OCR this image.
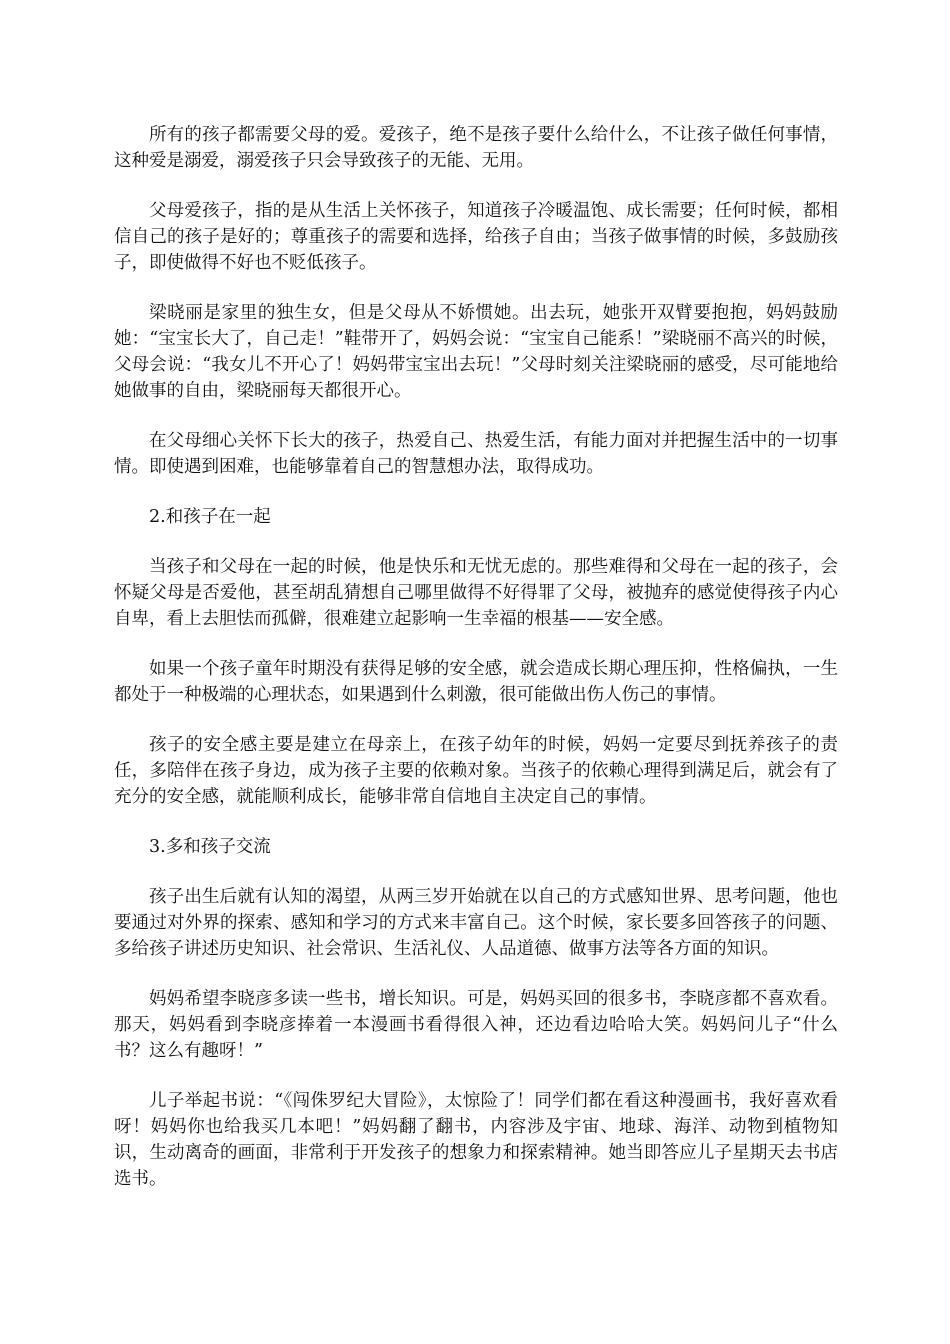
所有的孩子都需要父母的爱。爱孩子，绝不是孩子要什么给什么，不让孩子做任何事情，这种爱是溺爱，溺爱孩子只会导致孩子的无能、无用。

父母爱孩子，指的是从生活上关怀孩子，知道孩子冷暖温饱、成长需要；任何时候，都相信自己的孩子是好的；尊重孩子的需要和选择，给孩子自由；当孩子做事情的时候，多鼓励孩子，即使做得不好也不贬低孩子。

梁晓丽是家里的独生女，但是父母从不娇惯她。出去玩，她张开双臂要抱抱，妈妈鼓励她：“宝宝长大了，自己走！”鞋带开了，妈妈会说：“宝宝自己能系！”梁晓丽不高兴的时候，父母会说：“我女儿不开心了！妈妈带宝宝出去玩！”父母时刻关注梁晓丽的感受，尽可能地给她做事的自由，梁晓丽每天都很开心。

在父母细心关怀下长大的孩子，热爱自己、热爱生活，有能力面对并把握生活中的一切事情。即使遇到困难，也能够靠着自己的智慧想办法，取得成功。

2.和孩子在一起

当孩子和父母在一起的时候，他是快乐和无忧无虑的。那些难得和父母在一起的孩子，会怀疑父母是否爱他，甚至胡乱猜想自己哪里做得不好得罪了父母，被抛弃的感觉使得孩子内心自卑，看上去胆怯而孤僻，很难建立起影响一生幸福的根基——安全感。

如果一个孩子童年时期没有获得足够的安全感，就会造成长期心理压抑，性格偏执，一生都处于一种极端的心理状态，如果遇到什么刺激，很可能做出伤人伤己的事情。

孩子的安全感主要是建立在母亲上，在孩子幼年的时候，妈妈一定要尽到抚养孩子的责任，多陪伴在孩子身边，成为孩子主要的依赖对象。当孩子的依赖心理得到满足后，就会有了充分的安全感，就能顺利成长，能够非常自信地自主决定自己的事情。

3.多和孩子交流

孩子出生后就有认知的渴望，从两三岁开始就在以自己的方式感知世界、思考问题，他也要通过对外界的探索、感知和学习的方式来丰富自己。这个时候，家长要多回答孩子的问题、多给孩子讲述历史知识、社会常识、生活礼仪、人品道德、做事方法等各方面的知识。

妈妈希望李晓彦多读一些书，增长知识。可是，妈妈买回的很多书，李晓彦都不喜欢看。那天，妈妈看到李晓彦捧着一本漫画书看得很入神，还边看边哈哈大笑。妈妈问儿子“什么书？这么有趣呀！”

儿子举起书说：“《闯侏罗纪大冒险》，太惊险了！同学们都在看这种漫画书，我好喜欢看呀！妈妈你也给我买几本吧！”妈妈翻了翻书，内容涉及宇宙、地球、海洋、动物到植物知识，生动离奇的画面，非常利于开发孩子的想象力和探索精神。她当即答应儿子星期天去书店选书。
